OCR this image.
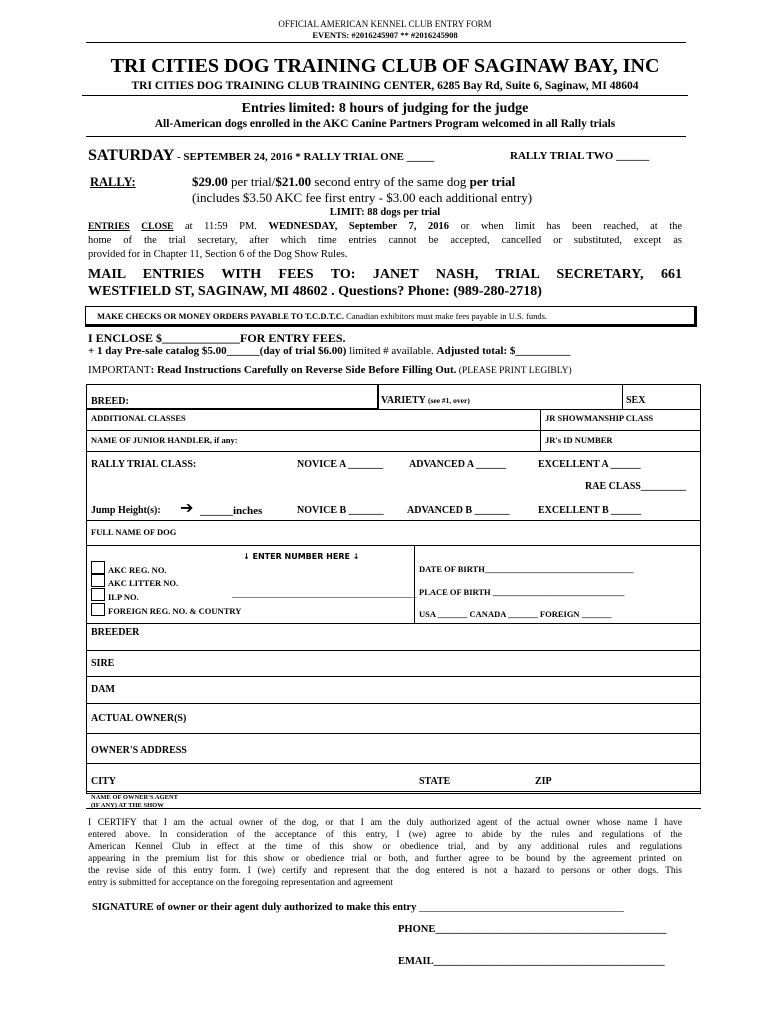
OFFICIAL AMERICAN KENNEL CLUB ENTRY FORM
EVENTS: #2016245907 ** #2016245908
TRI CITIES DOG TRAINING CLUB OF SAGINAW BAY, INC
TRI CITIES DOG TRAINING CLUB TRAINING CENTER, 6285 Bay Rd, Suite 6, Saginaw, MI 48604
Entries limited: 8 hours of judging for the judge
All-American dogs enrolled in the AKC Canine Partners Program welcomed in all Rally trials
SATURDAY - SEPTEMBER 24, 2016 * RALLY TRIAL ONE _____	RALLY TRIAL TWO ______
RALLY:	$29.00 per trial/$21.00 second entry of the same dog per trial
(includes $3.50 AKC fee first entry - $3.00 each additional entry)
LIMIT: 88 dogs per trial
ENTRIES CLOSE at 11:59 PM. WEDNESDAY, September 7, 2016 or when limit has been reached, at the
home of the trial secretary, after which time entries cannot be accepted, cancelled or substituted, except as
provided for in Chapter 11, Section 6 of the Dog Show Rules.
MAIL ENTRIES WITH FEES TO: JANET NASH, TRIAL SECRETARY, 661
WESTFIELD ST, SAGINAW, MI 48602 . Questions? Phone: (989-280-2718)
MAKE CHECKS OR MONEY ORDERS PAYABLE TO T.C.D.T.C. Canadian exhibitors must make fees payable in U.S. funds.
I ENCLOSE $_____________FOR ENTRY FEES.
+ 1 day Pre-sale catalog $5.00______(day of trial $6.00) limited # available. Adjusted total: $__________
IMPORTANT: Read Instructions Carefully on Reverse Side Before Filling Out. (PLEASE PRINT LEGIBLY)
BREED:	VARIETY (see #1, over)	SEX
ADDITIONAL CLASSES	JR SHOWMANSHIP CLASS
NAME OF JUNIOR HANDLER, if any:	JR's ID NUMBER
RALLY TRIAL CLASS:	NOVICE A _______	ADVANCED A ______	EXCELLENT A ______
RAE CLASS_________
Jump Height(s): ➔ ______inches	NOVICE B _______ ADVANCED B _______	EXCELLENT B ______
FULL NAME OF DOG
↓ ENTER NUMBER HERE ↓
AKC REG. NO.
AKC LITTER NO.
ILP NO.	_________________________________________
FOREIGN REG. NO. & COUNTRY
DATE OF BIRTH___________________________________
PLACE OF BIRTH _______________________________
USA _______ CANADA _______ FOREIGN _______
BREEDER
SIRE
DAM
ACTUAL OWNER(S)
OWNER'S ADDRESS
CITY	STATE	ZIP
NAME OF OWNER'S AGENT
(IF ANY) AT THE SHOW
I CERTIFY that I am the actual owner of the dog, or that I am the duly authorized agent of the actual owner whose name I have
entered above. In consideration of the acceptance of this entry, I (we) agree to abide by the rules and regulations of the
American Kennel Club in effect at the time of this show or obedience trial, and by any additional rules and regulations
appearing in the premium list for this show or obedience trial or both, and further agree to be bound by the agreement printed on
the revise side of this entry form. I (we) certify and represent that the dog entered is not a hazard to persons or other dogs. This
entry is submitted for acceptance on the foregoing representation and agreement
SIGNATURE of owner or their agent duly authorized to make this entry _______________________________________
PHONE____________________________________________
EMAIL____________________________________________
